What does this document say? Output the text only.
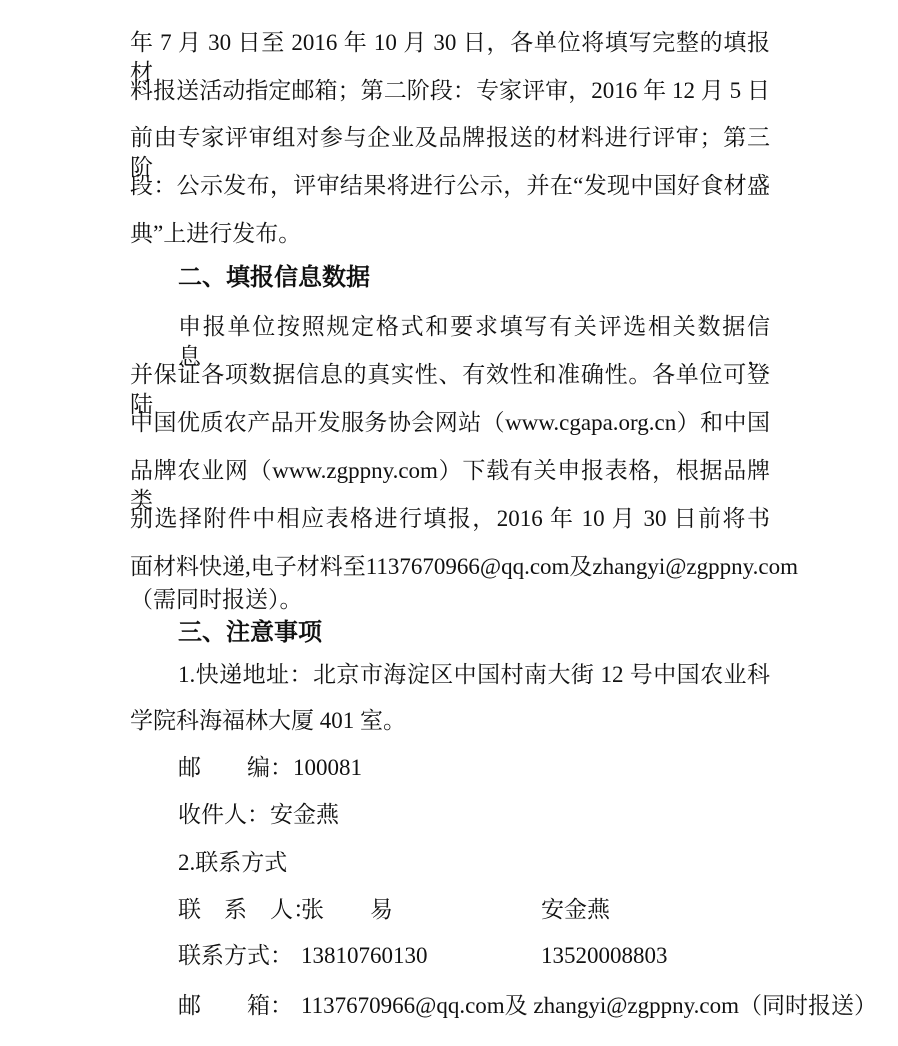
年 7 月 30 日至 2016 年 10 月 30 日，各单位将填写完整的填报材
料报送活动指定邮箱；第二阶段：专家评审，2016 年 12 月 5 日
前由专家评审组对参与企业及品牌报送的材料进行评审；第三阶
段：公示发布，评审结果将进行公示，并在“发现中国好食材盛
典”上进行发布。
二、填报信息数据
申报单位按照规定格式和要求填写有关评选相关数据信息，
并保证各项数据信息的真实性、有效性和准确性。各单位可登陆
中国优质农产品开发服务协会网站（www.cgapa.org.cn）和中国
品牌农业网（www.zgppny.com）下载有关申报表格，根据品牌类
别选择附件中相应表格进行填报，2016 年 10 月 30 日前将书
面材料快递,电子材料至1137670966@qq.com及zhangyi@zgppny.com
（需同时报送）。
三、注意事项
1.快递地址：北京市海淀区中国村南大街 12 号中国农业科
学院科海福林大厦 401 室。
邮　　编：100081
收件人：安金燕
2.联系方式
联　系　人：
张　　易	安金燕
联系方式： 13810760130	13520008803
邮　　箱： 1137670966@qq.com及 zhangyi@zgppny.com（同时报送）
